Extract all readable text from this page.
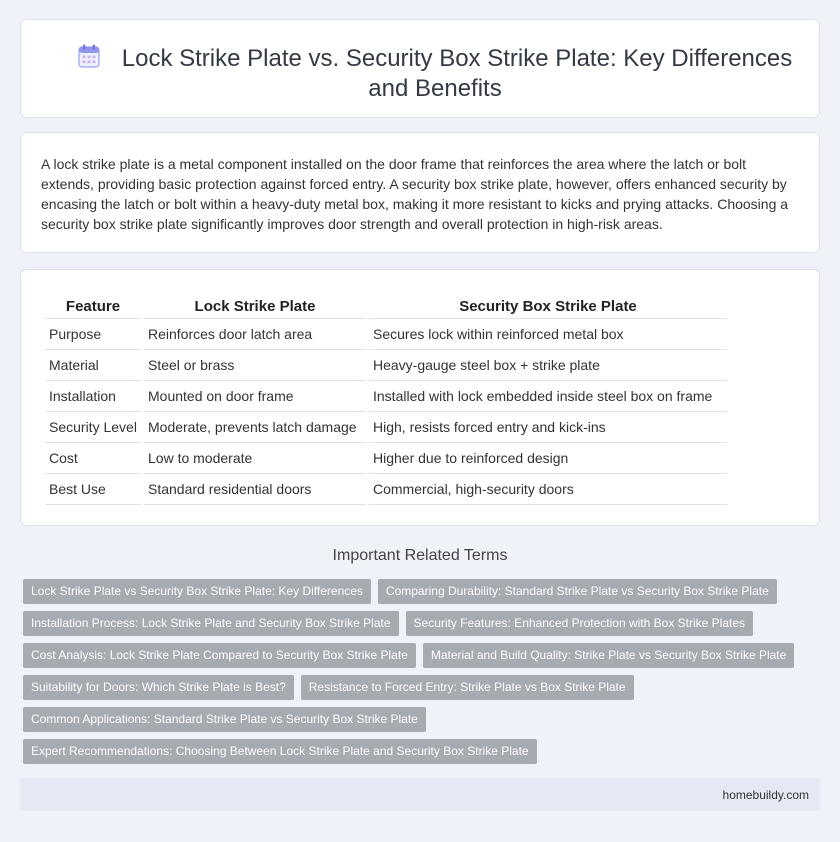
Lock Strike Plate vs. Security Box Strike Plate: Key Differences and Benefits

A lock strike plate is a metal component installed on the door frame that reinforces the area where the latch or bolt extends, providing basic protection against forced entry. A security box strike plate, however, offers enhanced security by encasing the latch or bolt within a heavy-duty metal box, making it more resistant to kicks and prying attacks. Choosing a security box strike plate significantly improves door strength and overall protection in high-risk areas.

Feature	Lock Strike Plate	Security Box Strike Plate
Purpose	Reinforces door latch area	Secures lock within reinforced metal box
Material	Steel or brass	Heavy-gauge steel box + strike plate
Installation	Mounted on door frame	Installed with lock embedded inside steel box on frame
Security Level	Moderate, prevents latch damage	High, resists forced entry and kick-ins
Cost	Low to moderate	Higher due to reinforced design
Best Use	Standard residential doors	Commercial, high-security doors
Important Related Terms
Lock Strike Plate vs Security Box Strike Plate: Key Differences	Comparing Durability: Standard Strike Plate vs Security Box Strike Plate
Installation Process: Lock Strike Plate and Security Box Strike Plate	Security Features: Enhanced Protection with Box Strike Plates
Cost Analysis: Lock Strike Plate Compared to Security Box Strike Plate	Material and Build Quality: Strike Plate vs Security Box Strike Plate
Suitability for Doors: Which Strike Plate is Best?	Resistance to Forced Entry: Strike Plate vs Box Strike Plate
Common Applications: Standard Strike Plate vs Security Box Strike Plate
Expert Recommendations: Choosing Between Lock Strike Plate and Security Box Strike Plate
homebuildy.com
